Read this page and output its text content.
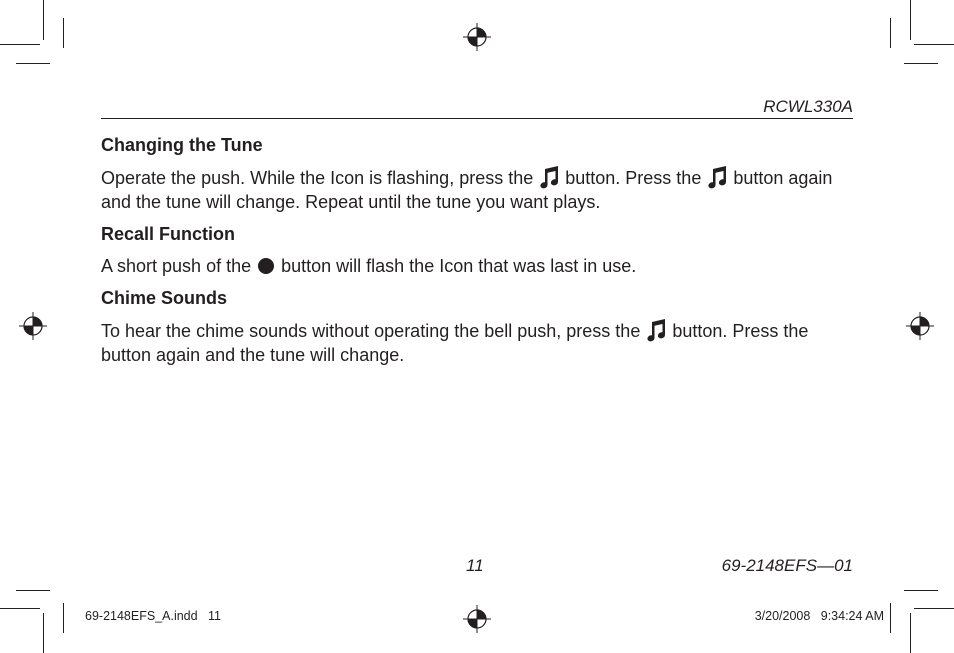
RCWL330A
Changing the Tune

Operate the push. While the Icon is flashing, press the  button. Press the  button again and the tune will change. Repeat until the tune you want plays.

Recall Function

A short push of the  button will flash the Icon that was last in use.

Chime Sounds

To hear the chime sounds without operating the bell push, press the  button. Press the button again and the tune will change.

11	69-2148EFS—01
69-2148EFS_A.indd   11	3/20/2008   9:34:24 AM
